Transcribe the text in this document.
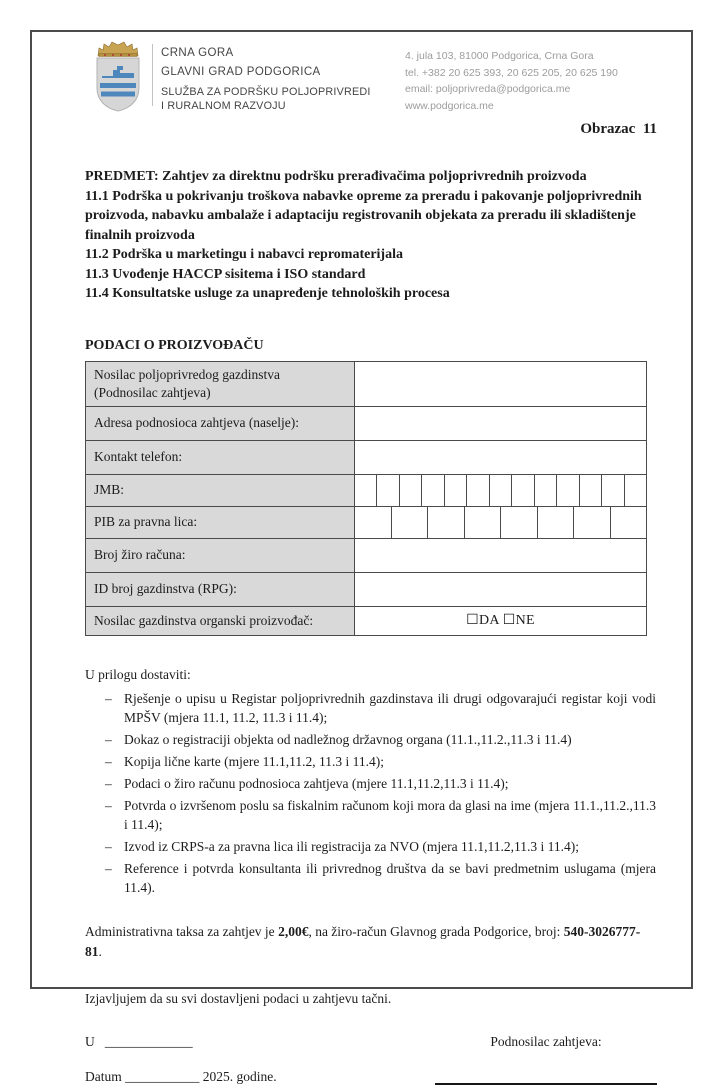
CRNA GORA
GLAVNI GRAD PODGORICA
SLUŽBA ZA PODRŠKU POLJOPRIVREDI
I RURALNOM RAZVOJU
4. jula 103, 81000 Podgorica, Crna Gora
tel. +382 20 625 393, 20 625 205, 20 625 190
email: poljoprivreda@podgorica.me
www.podgorica.me
Obrazac  11

PREDMET: Zahtjev za direktnu podršku prerađivačima poljoprivrednih proizvoda

11.1 Podrška u pokrivanju troškova nabavke opreme za preradu i pakovanje poljoprivrednih proizvoda, nabavku ambalaže i adaptaciju registrovanih objekata za preradu ili skladištenje finalnih proizvoda

11.2 Podrška u marketingu i nabavci repromaterijala

11.3 Uvođenje HACCP sisitema i ISO standard

11.4 Konsultatske usluge za unapređenje tehnoloških procesa

PODACI O PROIZVOĐAČU
Nosilac poljoprivredog gazdinstva
(Podnosilac zahtjeva)

Adresa podnosioca zahtjeva (naselje):	
Kontakt telefon:	
JMB:	

PIB za pravna lica:	

Broj žiro računa:	
ID broj gazdinstva (RPG):	
Nosilac gazdinstva organski proizvođač:	☐DA ☐NE
U prilogu dostaviti:
– Rješenje o upisu u Registar poljoprivrednih gazdinstava ili drugi odgovarajući registar koji vodi MPŠV (mjera 11.1, 11.2, 11.3 i 11.4);
– Dokaz o registraciji objekta od nadležnog državnog organa (11.1.,11.2.,11.3 i 11.4)
– Kopija lične karte (mjere 11.1,11.2, 11.3 i 11.4);
– Podaci o žiro računu podnosioca zahtjeva (mjere 11.1,11.2,11.3 i 11.4);
– Potvrda o izvršenom poslu sa fiskalnim računom koji mora da glasi na ime (mjera 11.1.,11.2.,11.3 i 11.4);
– Izvod iz CRPS-a za pravna lica ili registracija za NVO (mjera 11.1,11.2,11.3 i 11.4);
– Reference i potvrda konsultanta ili privrednog društva da se bavi predmetnim uslugama (mjera 11.4).

Administrativna taksa za zahtjev je 2,00€, na žiro-račun Glavnog grada Podgorice, broj: 540-3026777-81.

Izjavljujem da su svi dostavljeni podaci u zahtjevu tačni.

U   _____________	Podnosilac zahtjeva:
Datum ___________ 2025. godine.
